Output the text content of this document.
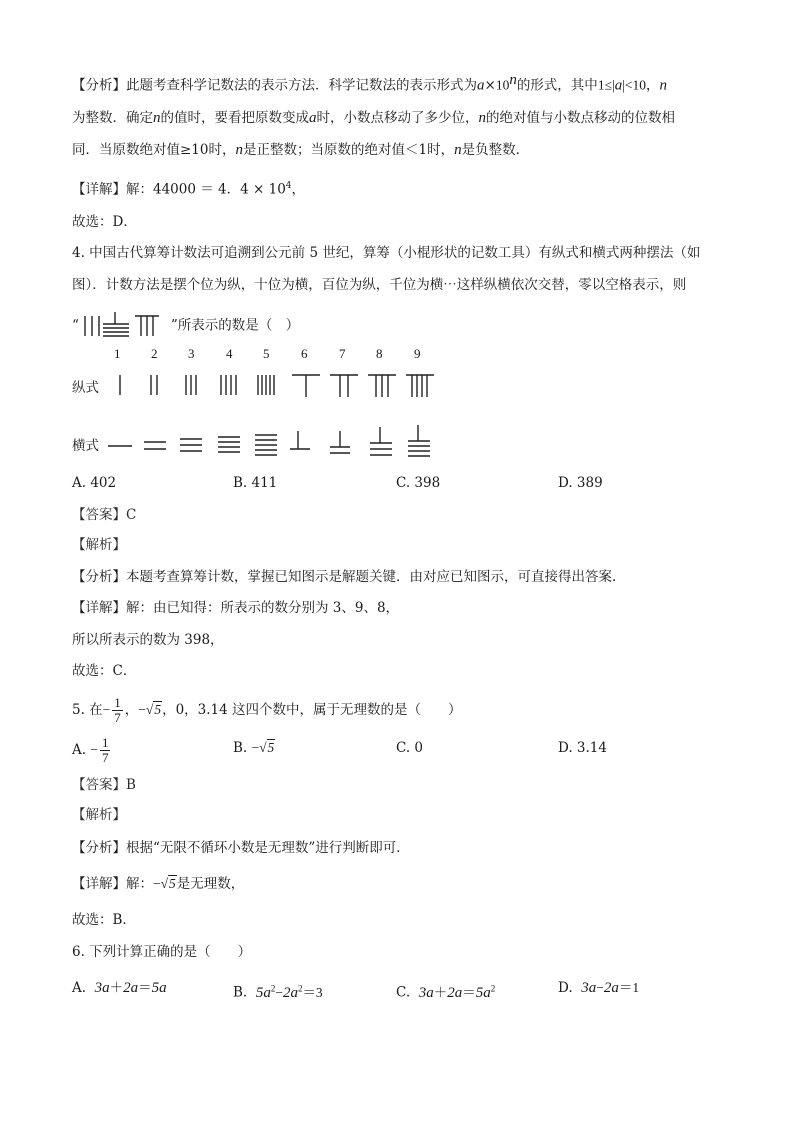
【分析】此题考查科学记数法的表示方法．科学记数法的表示形式为$a\times 10^n$的形式，其中1≤|a|<10，n
为整数．确定n的值时，要看把原数变成a时，小数点移动了多少位，n的绝对值与小数点移动的位数相
同．当原数绝对值≥10时，n是正整数；当原数的绝对值＜1时，n是负整数．
【详解】解：44000 ＝ 4．$4 \times 10^4$，
故选：D．
4. 中国古代算筹计数法可追溯到公元前 5 世纪，算筹（小棍形状的记数工具）有纵式和横式两种摆法（如
图）．计数方法是摆个位为纵，十位为横，百位为纵，千位为横⋯这样纵横依次交替，零以空格表示，则
“	”所表示的数是（　）
1 2 3 4 5 6 7 8 9
纵式
横式
A. 402	B. 411	C. 398	D. 389
【答案】C
【解析】
【分析】本题考查算筹计数，掌握已知图示是解题关键．由对应已知图示，可直接得出答案．
【详解】解：由已知得：所表示的数分别为 3、9、8，
所以所表示的数为 398，
故选：C．
5. 在− $\frac{1}{7}$ ，−√5，0，3.14 这四个数中，属于无理数的是（　　）
A. − $\frac{1}{7}$	B. −√5	C. 0	D. 3.14
【答案】B
【解析】
【分析】根据“无限不循环小数是无理数”进行判断即可．
【详解】解：−√5是无理数，
故选：B．
6. 下列计算正确的是（　　）
A. 3a＋2a＝5a	B. $5a^2-2a^2=3$	C. $3a+2a=5a^2$	D. 3a−2a＝1
